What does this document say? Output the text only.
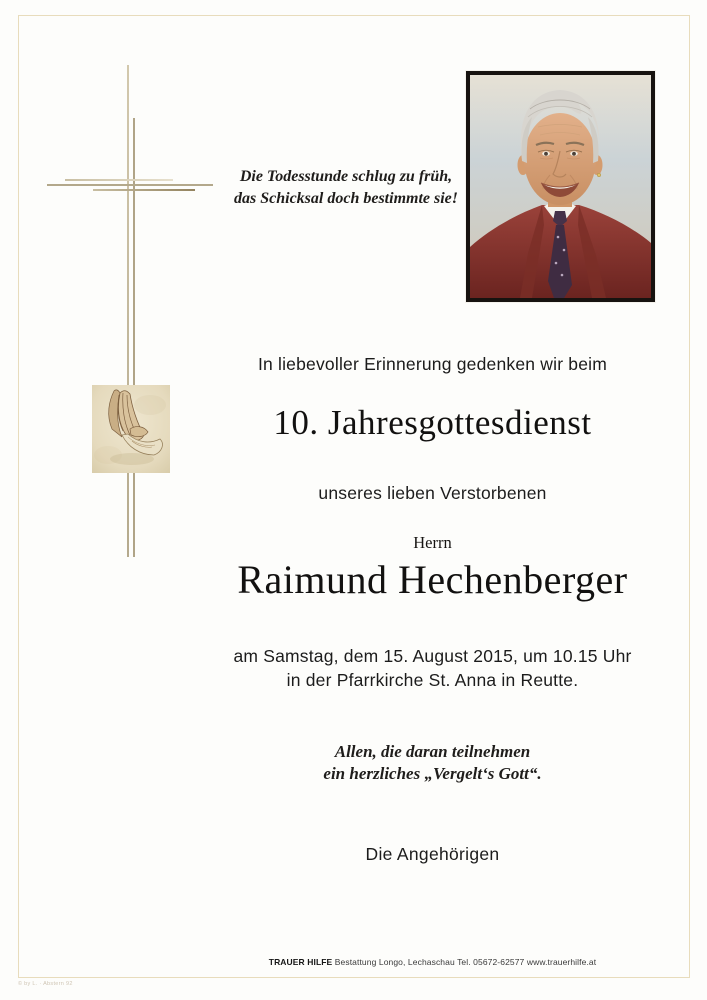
Die Todesstunde schlug zu früh,
das Schicksal doch bestimmte sie!
In liebevoller Erinnerung gedenken wir beim
10. Jahresgottesdienst
unseres lieben Verstorbenen
Herrn
Raimund Hechenberger
am Samstag, dem 15. August 2015, um 10.15 Uhr
in der Pfarrkirche St. Anna in Reutte.
Allen, die daran teilnehmen
ein herzliches „Vergelt‘s Gott“.
Die Angehörigen
TRAUER HILFE Bestattung Longo, Lechaschau Tel. 05672-62577 www.trauerhilfe.at
© by L. · Abstern 92
